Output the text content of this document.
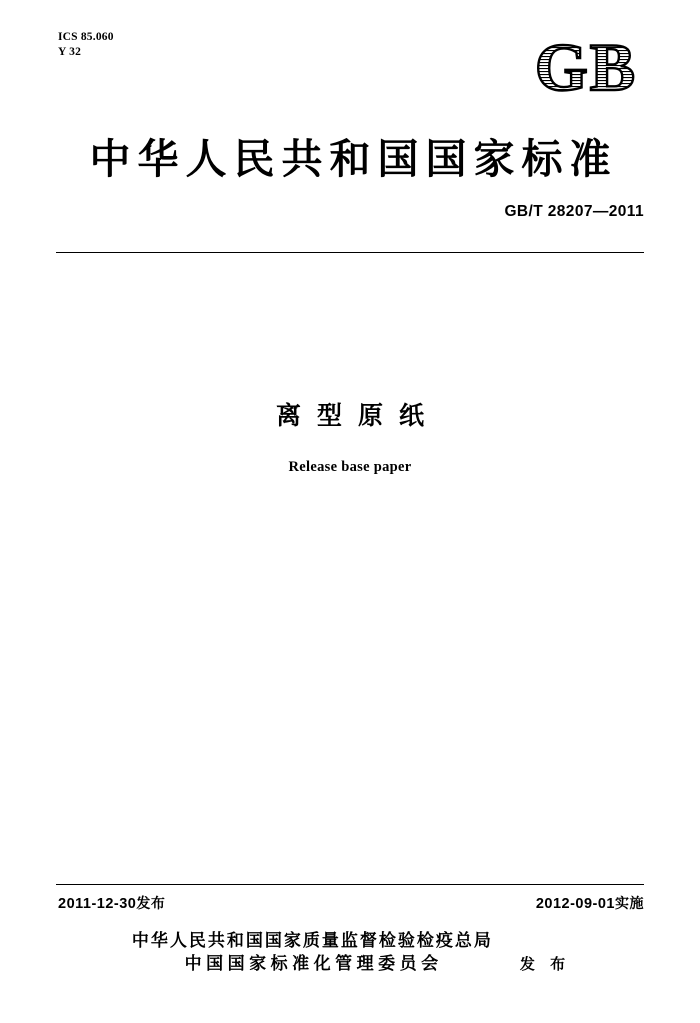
ICS 85.060
Y 32	GB
中华人民共和国国家标准
GB/T 28207—2011
离型原纸
Release base paper
2011-12-30发布	2012-09-01实施
中华人民共和国国家质量监督检验检疫总局
中国国家标准化管理委员会	发 布
